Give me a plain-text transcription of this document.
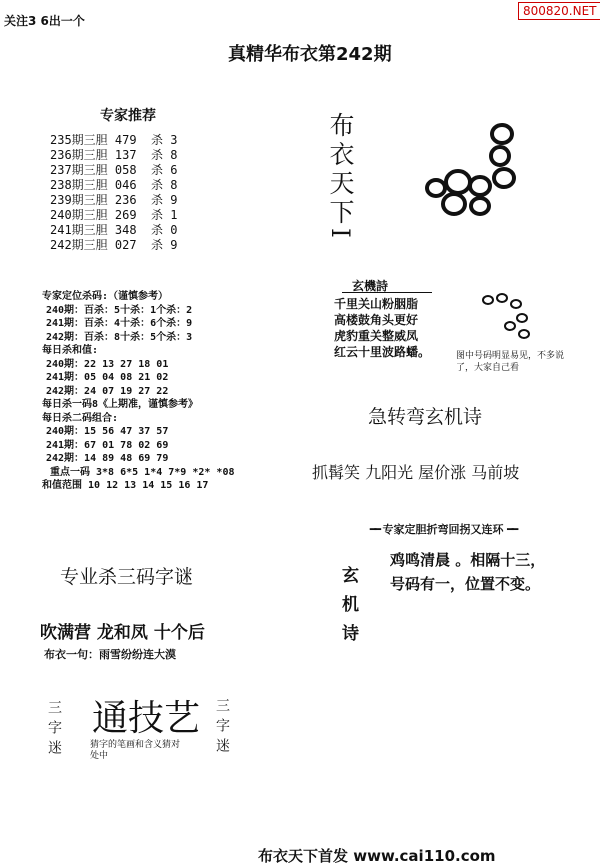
关注3 6出一个
800820.NET
真精华布衣第242期
专家推荐
235期三胆 479  杀 3
236期三胆 137  杀 8
237期三胆 058  杀 6
238期三胆 046  杀 8
239期三胆 236  杀 9
240期三胆 269  杀 1
241期三胆 348  杀 0
242期三胆 027  杀 9
专家定位杀码:（谨慎参考）
240期：百杀：5十杀：1个杀：2
241期：百杀：4十杀：6个杀：9
242期：百杀：8十杀：5个杀：3
每日杀和值:
240期：22 13 27 18 01
241期：05 04 08 21 02
242期：24 07 19 27 22
每日杀一码8《上期准，谨慎参考》
每日杀二码组合:
240期：15 56 47 37 57
241期：67 01 78 02 69
242期：14 89 48 69 79
重点一码 3*8 6*5 1*4 7*9 *2* *08
和值范围 10 12 13 14 15 16 17
专业杀三码字谜
吹满营 龙和凤 十个后
布衣一句：雨雪纷纷连大漠
三字迷 通技艺
猜字的笔画和含义猜对处中	三字迷
布衣天下I
玄機詩
千里关山粉胭脂
高楼鼓角头更好
虎豹重关整威凤
红云十里波路蟠。	图中号码明显易见，不多说了，大家自己看
急转弯玄机诗
抓髯笑 九阳光 屋价涨 马前坡
━━ 专家定胆折弯回拐又连环 ━━
玄机诗
鸡鸣清晨 。相隔十三，
号码有一，位置不变。
布衣天下首发 www.cai110.com
